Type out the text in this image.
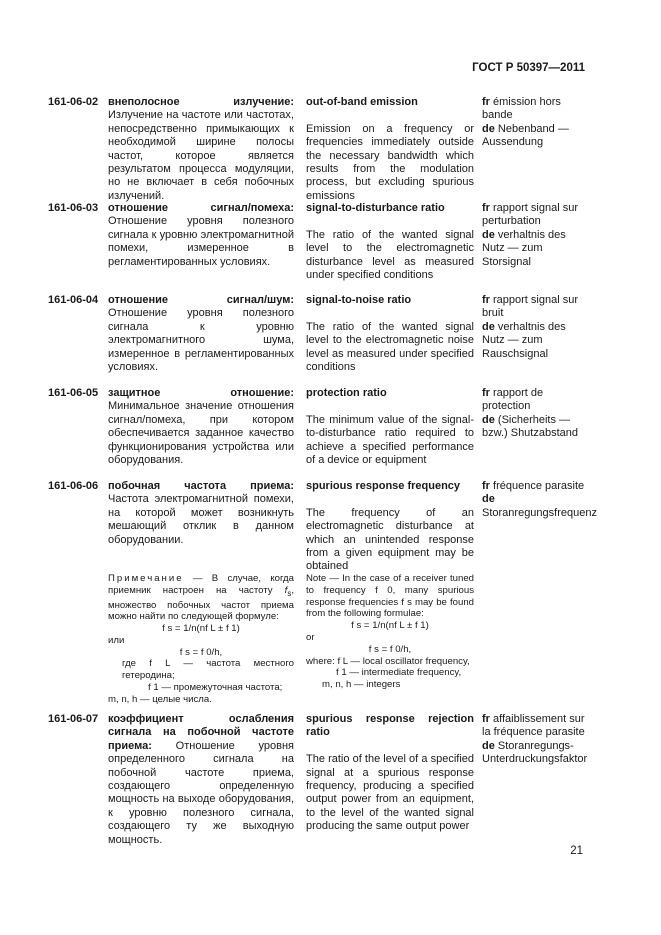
ГОСТ Р 50397—2011
161-06-02 внеполосное излучение: Излучение на частоте или частотах, непосредственно примыкающих к необходимой ширине полосы частот, которое является результатом процесса модуляции, но не включает в себя побочных излучений.
out-of-band emission
Emission on a frequency or frequencies immediately outside the necessary bandwidth which results from the modulation process, but excluding spurious emissions
fr émission hors bande
de Nebenband — Aussendung
161-06-03 отношение сигнал/помеха: Отношение уровня полезного сигнала к уровню электромагнитной помехи, измеренное в регламентированных условиях.
signal-to-disturbance ratio
The ratio of the wanted signal level to the electromagnetic disturbance level as measured under specified conditions
fr rapport signal sur perturbation
de verhaltnis des Nutz — zum Storsignal
161-06-04 отношение сигнал/шум: Отношение уровня полезного сигнала к уровню электромагнитного шума, измеренное в регламентированных условиях.
signal-to-noise ratio
The ratio of the wanted signal level to the electromagnetic noise level as measured under specified conditions
fr rapport signal sur bruit
de verhaltnis des Nutz — zum Rauschsignal
161-06-05 защитное отношение: Минимальное значение отношения сигнал/помеха, при котором обеспечивается заданное качество функционирования устройства или оборудования.
protection ratio
The minimum value of the signal-to-disturbance ratio required to achieve a specified performance of a device or equipment
fr rapport de protection
de (Sicherheits — bzw.) Shutzabstand
161-06-06 побочная частота приема: Частота электромагнитной помехи, на которой может возникнуть мешающий отклик в данном оборудовании.
spurious response frequency
The frequency of an electromagnetic disturbance at which an unintended response from a given equipment may be obtained
fr fréquence parasite
de Storanregungsfrequenz
Примечание — В случае, когда приемник настроен на частоту $f_s$, множество побочных частот приема можно найти по следующей формуле:
f s = 1/n(nf L ± f 1)
или
f s = f 0/h,
где f L — частота местного гетеродина;
f 1 — промежуточная частота;
m, n, h — целые числа.
Note — In the case of a receiver tuned to frequency f 0, many spurious response frequencies f s may be found from the following formulae:
f s = 1/n(nf L ± f 1)
or
f s = f 0/h,
where: f L — local oscillator frequency,
f 1 — intermediate frequency,
m, n, h — integers
161-06-07 коэффициент ослабления сигнала на побочной частоте приема: Отношение уровня определенного сигнала на побочной частоте приема, создающего определенную мощность на выходе оборудования, к уровню полезного сигнала, создающего ту же выходную мощность.
spurious response rejection ratio
The ratio of the level of a specified signal at a spurious response frequency, producing a specified output power from an equipment, to the level of the wanted signal producing the same output power
fr affaiblissement sur la fréquence parasite
de Storanregungs-Unterdruckungsfaktor
21
